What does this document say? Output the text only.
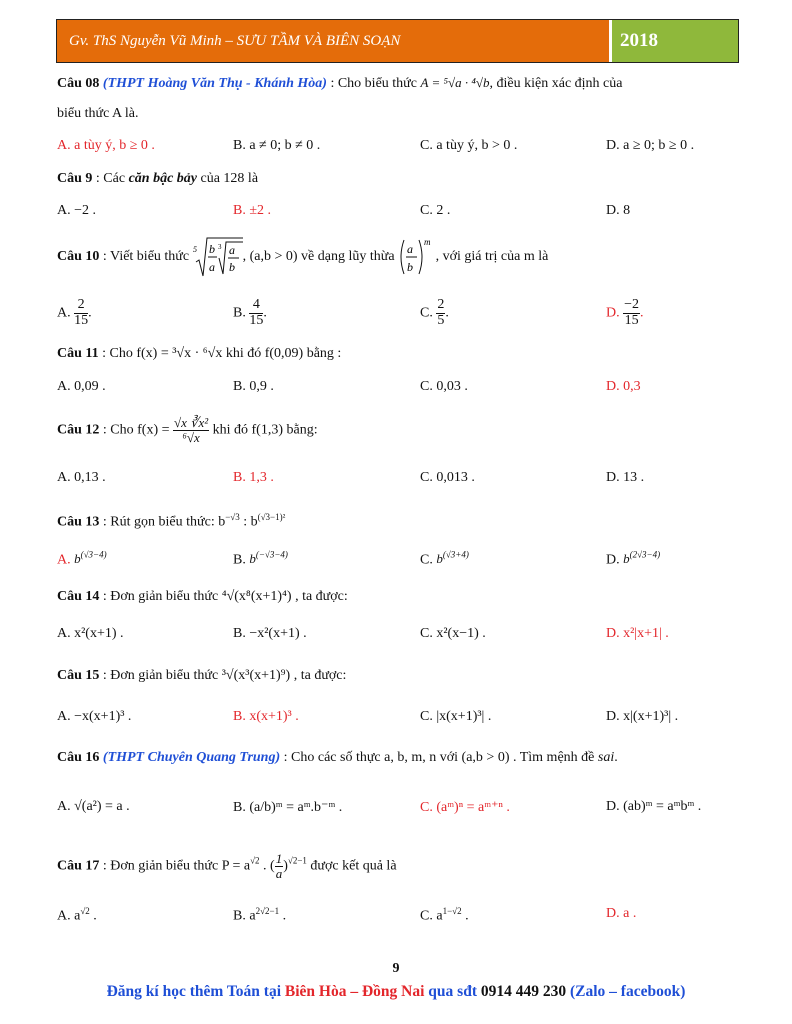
Gv. ThS Nguyễn Vũ Minh – SƯU TẦM VÀ BIÊN SOẠN	2018
Câu 08 (THPT Hoàng Văn Thụ - Khánh Hòa) : Cho biểu thức A = ⁵√a · ⁴√b, điều kiện xác định của
biểu thức A là.
A. a tùy ý, b ≥ 0 .	B. a ≠ 0; b ≠ 0 .	C. a tùy ý, b > 0 .	D. a ≥ 0; b ≥ 0 .
Câu 9 : Các căn bậc bảy của 128 là
A. −2 .	B. ±2 .	C. 2 .	D. 8
Câu 10 : Viết biểu thức 5 b
a
3 a
b
, (a,b > 0) về dạng lũy thừa
a
b
m
, với giá trị của m là
A. $\frac{2}{15}$ .	B. $\frac{4}{15}$ .	C. $\frac{2}{5}$ .	D. $\frac{-2}{15}$ .
Câu 11 : Cho f(x) = ³√x · ⁶√x khi đó f(0,09) bằng :
A. 0,09 .	B. 0,9 .	C. 0,03 .	D. 0,3
Câu 12 : Cho $f(x) = \frac{\text{√x ∛x²}}{\text{⁶√x}}$ khi đó f(1,3) bằng:
A. 0,13 .	B. 1,3 .	C. 0,013 .	D. 13 .
Câu 13 : Rút gọn biểu thức: $b^{-√3}$ : $b^{(√3-1)^2}$
A. $b^{(√3-4)}$	B. $b^{(-√3-4)}$	C. $b^{(√3+4)}$	D. $b^{(2√3-4)}$
Câu 14 : Đơn giản biểu thức ⁴√(x⁸(x+1)⁴) , ta được:
A. x²(x+1) .	B. −x²(x+1) .	C. x²(x−1) .	D. x²|x+1| .
Câu 15 : Đơn giản biểu thức ³√(x³(x+1)⁹) , ta được:
A. −x(x+1)³ .	B. x(x+1)³ .	C. |x(x+1)³| .	D. x|(x+1)³| .
Câu 16 (THPT Chuyên Quang Trung) : Cho các số thực a, b, m, n với (a,b > 0) . Tìm mệnh đề sai.
A. √(a²) = a .	B. (a/b)ᵐ = aᵐ.b⁻ᵐ .	C. (aᵐ)ⁿ = aᵐ⁺ⁿ .	D. (ab)ᵐ = aᵐbᵐ .
Câu 17 : Đơn giản biểu thức $P = a^{√2}$ . ( $\frac{1}{a} )^{√2-1}$ được kết quả là
A. $a^{√2}$ .	B. $a^{2√2-1}$ .	C. $a^{1-√2}$ .	D. a .
9
Đăng kí học thêm Toán tại Biên Hòa – Đồng Nai qua sđt 0914 449 230 (Zalo – facebook)
